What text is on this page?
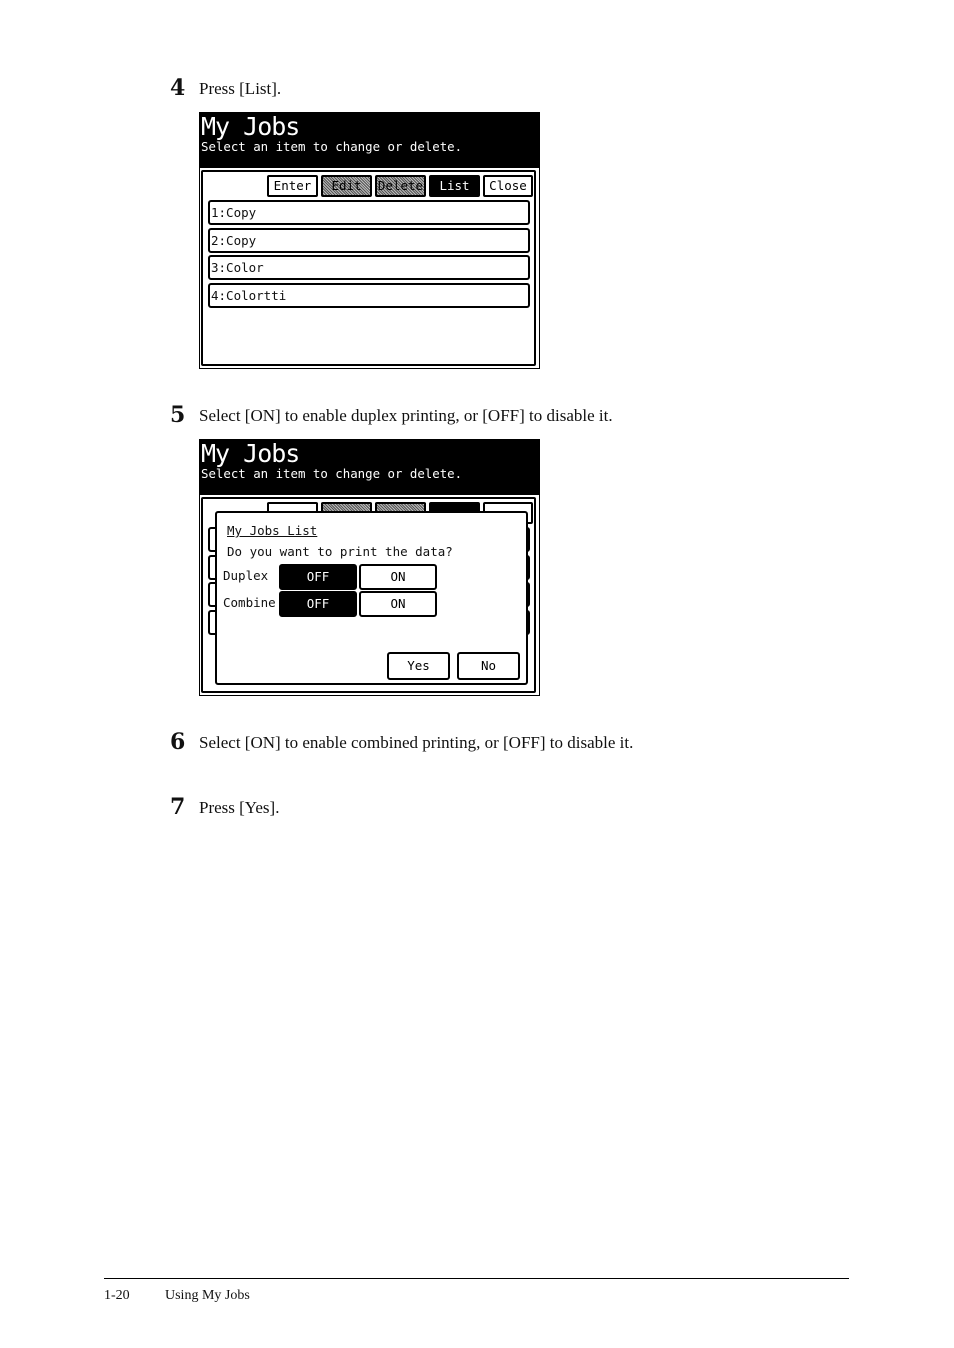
4 Press [List].
My Jobs
Select an item to change or delete.
Enter	Edit	Delete	List	Close
1:Copy
2:Copy
3:Color
4:Colortti
5 Select [ON] to enable duplex printing, or [OFF] to disable it.
My Jobs
Select an item to change or delete.
My Jobs List
Do you want to print the data?
Duplex	OFF	ON
Combine	OFF	ON
Yes	No
6 Select [ON] to enable combined printing, or [OFF] to disable it.
7 Press [Yes].
1-20	Using My Jobs
